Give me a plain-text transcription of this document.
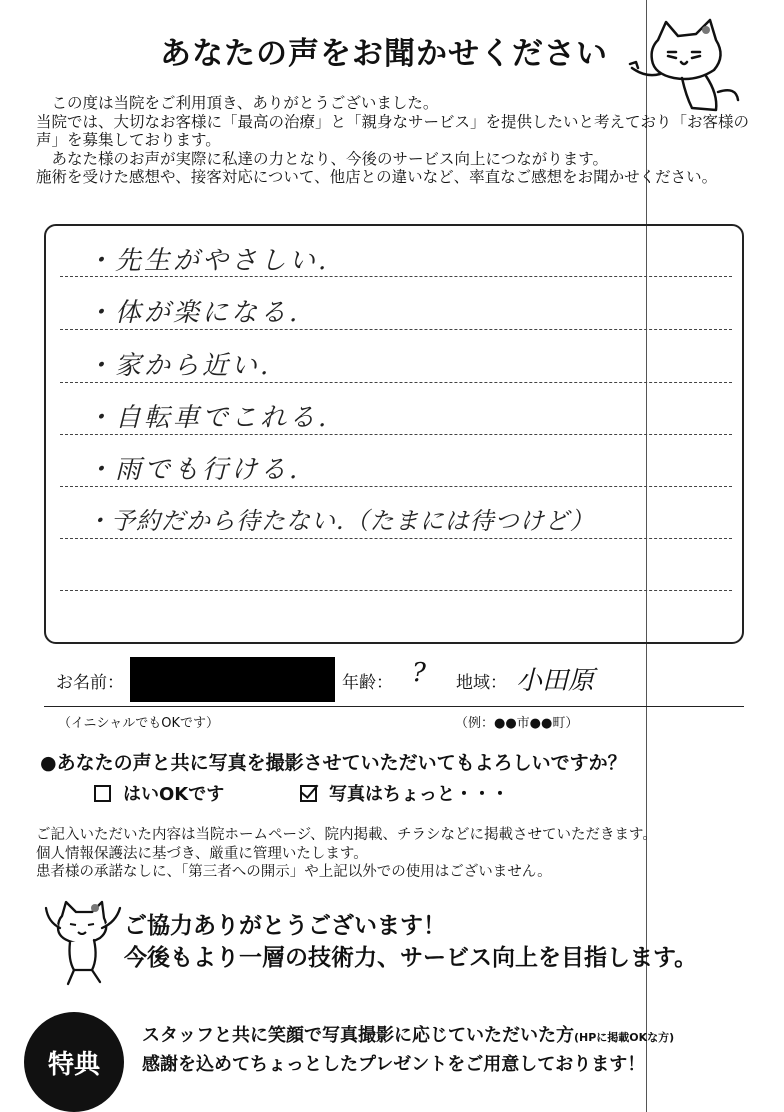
あなたの声をお聞かせください

この度は当院をご利用頂き、ありがとうございました。

当院では、大切なお客様に「最高の治療」と「親身なサービス」を提供したいと考えており「お客様の声」を募集しております。

あなた様のお声が実際に私達の力となり、今後のサービス向上につながります。

施術を受けた感想や、接客対応について、他店との違いなど、率直なご感想をお聞かせください。

・先生がやさしい.
・体が楽になる.
・家から近い.
・自転車でこれる.
・雨でも行ける.
・予約だから待たない.（たまには待つけど）
お名前：	年齢： ? 地域： 小田原
（イニシャルでもOKです）	（例：●●市●●町）
●あなたの声と共に写真を撮影させていただいてもよろしいですか？
はいOKです	写真はちょっと・・・

ご記入いただいた内容は当院ホームページ、院内掲載、チラシなどに掲載させていただきます。

個人情報保護法に基づき、厳重に管理いたします。

患者様の承諾なしに、「第三者への開示」や上記以外での使用はございません。

ご協力ありがとうございます！

今後もより一層の技術力、サービス向上を目指します。

特典

スタッフと共に笑顔で写真撮影に応じていただいた方(HPに掲載OKな方)

感謝を込めてちょっとしたプレゼントをご用意しております！
